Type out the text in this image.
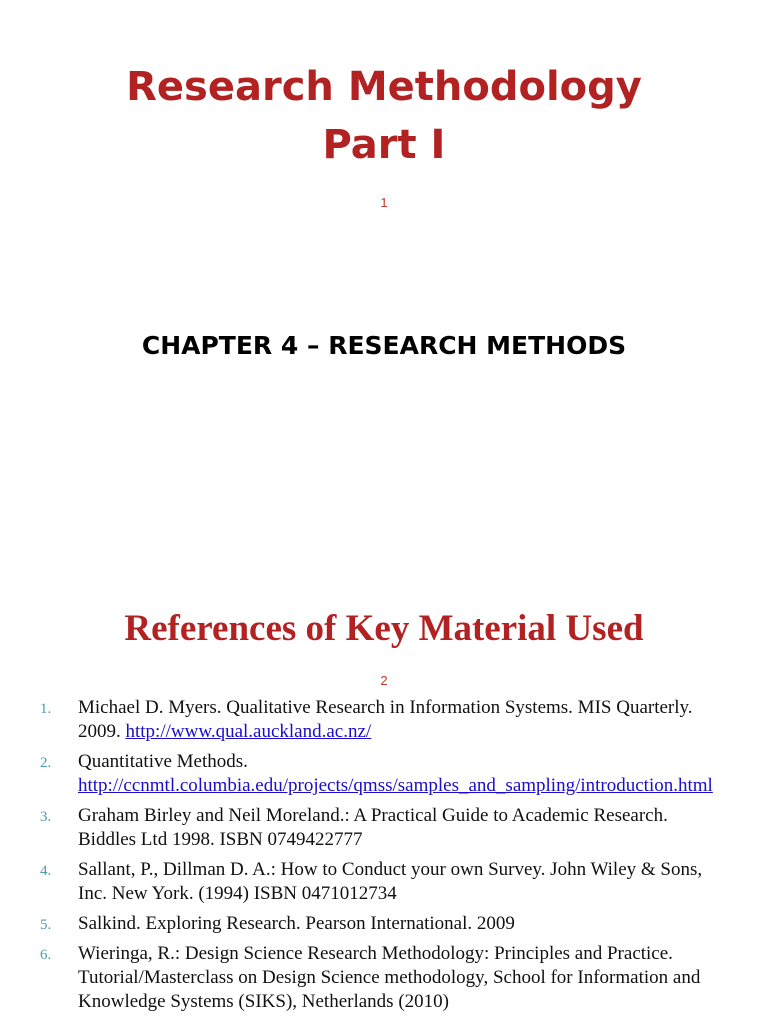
Research Methodology
Part I
1
CHAPTER 4 – RESEARCH METHODS
References of Key Material Used
2
1. Michael D. Myers. Qualitative Research in Information Systems. MIS Quarterly. 2009. http://www.qual.auckland.ac.nz/
2. Quantitative Methods.
http://ccnmtl.columbia.edu/projects/qmss/samples_and_sampling/introduction.html
3. Graham Birley and Neil Moreland.: A Practical Guide to Academic Research. Biddles Ltd 1998. ISBN 0749422777
4. Sallant, P., Dillman D. A.: How to Conduct your own Survey. John Wiley & Sons, Inc. New York. (1994) ISBN 0471012734
5. Salkind. Exploring Research. Pearson International. 2009
6. Wieringa, R.: Design Science Research Methodology: Principles and Practice. Tutorial/Masterclass on Design Science methodology, School for Information and Knowledge Systems (SIKS), Netherlands (2010)
